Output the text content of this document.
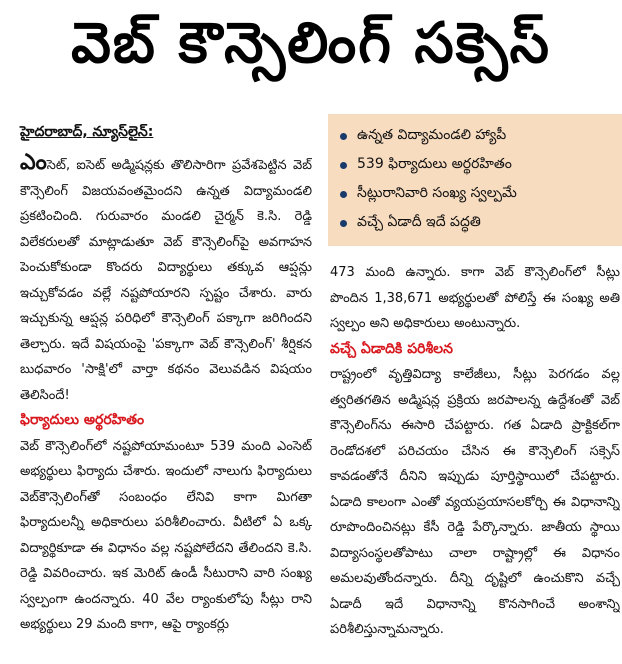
వెబ్ కౌన్సెలింగ్ సక్సెస్
హైదరాబాద్, న్యూస్‌లైన్:	ఉన్నత విద్యామండలి హ్యాపీ
539 ఫిర్యాదులు అర్థరహితం
సీట్లురానివారి సంఖ్య స్వల్పమే
వచ్చే ఏడాదీ ఇదే పద్ధతి

ఎంసెట్, ఐసెట్ అడ్మిషన్లకు తొలిసారిగా ప్రవేశపెట్టిన వెబ్ కౌన్సెలింగ్ విజయవంతమైందని ఉన్నత విద్యామండలి ప్రకటించింది. గురువారం మండలి చైర్మన్ కె.సి. రెడ్డి విలేకరులతో మాట్లాడుతూ వెబ్ కౌన్సెలింగ్‌పై అవగాహన పెంచుకోకుండా కొందరు విద్యార్థులు తక్కువ ఆప్షన్లు ఇచ్చుకోవడం వల్లే నష్టపోయారని స్పష్టం చేశారు. వారు ఇచ్చుకున్న ఆప్షన్ల పరిధిలో కౌన్సెలింగ్ పక్కాగా జరిగిందని తెల్చారు. ఇదే విషయంపై 'పక్కాగా వెబ్ కౌన్సెలింగ్' శీర్షికన బుధవారం 'సాక్షి'లో వార్తా కథనం వెలువడిన విషయం తెలిసిందే!

ఫిర్యాదులు అర్థరహితం

వెబ్ కౌన్సెలింగ్‌లో నష్టపోయామంటూ 539 మంది ఎంసెట్ అభ్యర్థులు ఫిర్యాదు చేశారు. ఇందులో నాలుగు ఫిర్యాదులు వెబ్‌కౌన్సెలింగ్‌తో సంబంధం లేనివి కాగా మిగతా ఫిర్యాదులన్నీ అధికారులు పరిశీలించారు. వీటిలో ఏ ఒక్క విద్యార్థికూడా ఈ విధానం వల్ల నష్టపోలేదని తేలిందని కె.సి. రెడ్డి వివరించారు. ఇక మెరిట్ ఉండీ సీటురాని వారి సంఖ్య స్వల్పంగా ఉందన్నారు. 40 వేల ర్యాంకులోపు సీట్లు రాని అభ్యర్థులు 29 మంది కాగా, ఆపై ర్యాంకర్లు

473 మంది ఉన్నారు. కాగా వెబ్ కౌన్సెలింగ్‌లో సీట్లు పొందిన 1,38,671 అభ్యర్థులతో పోలిస్తే ఈ సంఖ్య అతి స్వల్పం అని అధికారులు అంటున్నారు.

వచ్చే ఏడాదికి పరిశీలన

రాష్ట్రంలో వృత్తివిద్యా కాలేజీలు, సీట్లు పెరగడం వల్ల త్వరితగతిన అడ్మిషన్ల ప్రక్రియ జరపాలన్న ఉద్దేశంతో వెబ్ కౌన్సెలింగ్‌ను ఈసారి చేపట్టారు. గత ఏడాది ప్రాక్టికల్‌గా రెండోదశలో పరిచయం చేసిన ఈ కౌన్సెలింగ్ సక్సెస్ కావడంతోనే దీనిని ఇప్పుడు పూర్తిస్థాయిలో చేపట్టారు. ఏడాది కాలంగా ఎంతో వ్యయప్రయాసలకోర్చి ఈ విధానాన్ని రూపొందించినట్లు కేసీ రెడ్డి పేర్కొన్నారు. జాతీయ స్థాయి విద్యాసంస్థలతోపాటు చాలా రాష్ట్రాల్లో ఈ విధానం అమలవుతోందన్నారు. దీన్ని దృష్టిలో ఉంచుకొని వచ్చే ఏడాదీ ఇదే విధానాన్ని కొనసాగించే అంశాన్ని పరిశీలిస్తున్నామన్నారు.
